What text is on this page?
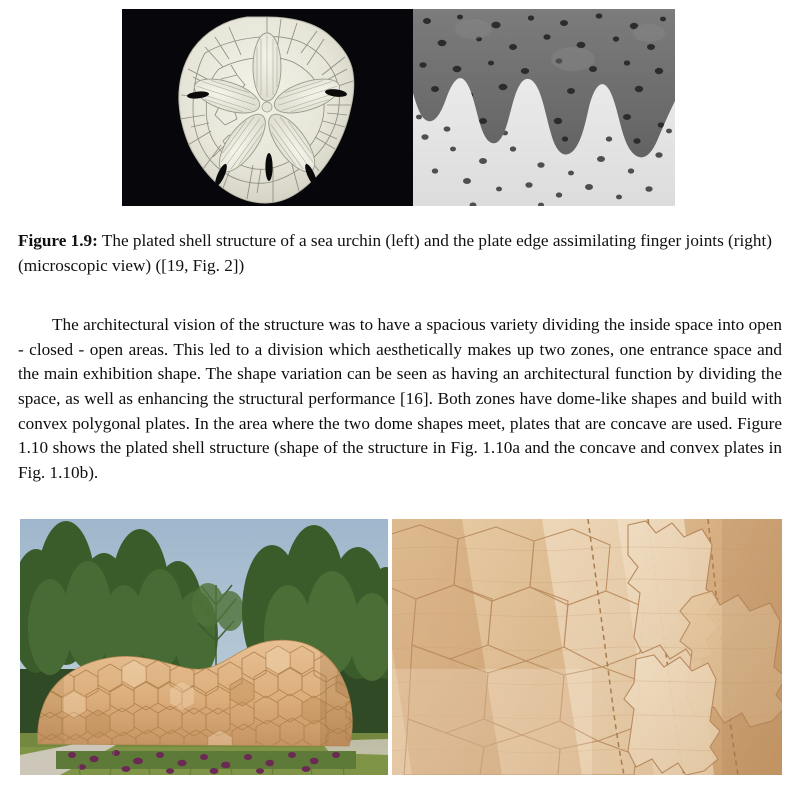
Figure 1.9: The plated shell structure of a sea urchin (left) and the plate edge assimilating finger joints (right) (microscopic view) ([19, Fig. 2])

The architectural vision of the structure was to have a spacious variety dividing the inside space into open - closed - open areas. This led to a division which aesthetically makes up two zones, one entrance space and the main exhibition shape. The shape variation can be seen as having an architectural function by dividing the space, as well as enhancing the structural performance [16]. Both zones have dome-like shapes and build with convex polygonal plates. In the area where the two dome shapes meet, plates that are concave are used. Figure 1.10 shows the plated shell structure (shape of the structure in Fig. 1.10a and the concave and convex plates in Fig. 1.10b).
